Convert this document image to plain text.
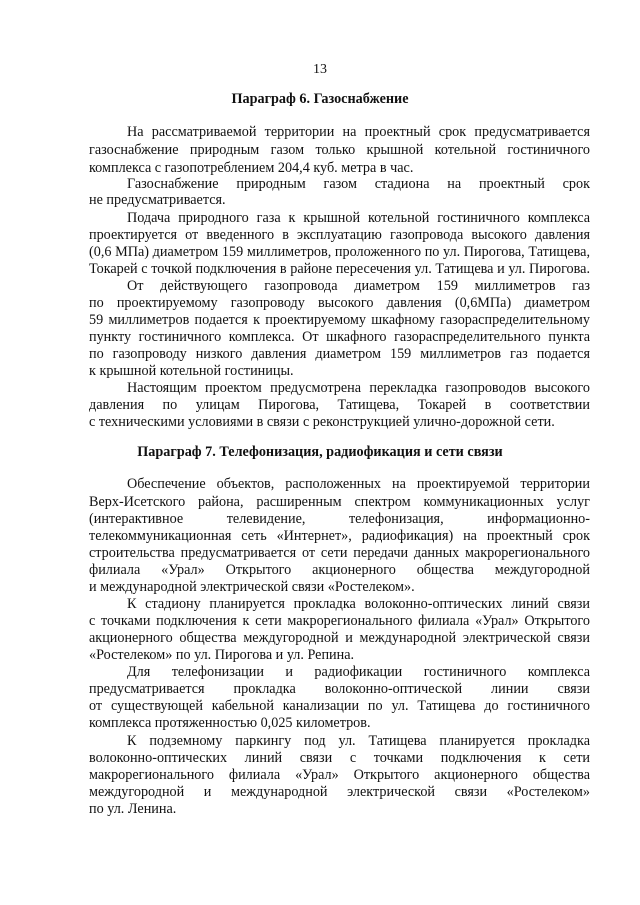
13
Параграф 6. Газоснабжение
На рассматриваемой территории на проектный срок предусматривается
газоснабжение природным газом только крышной котельной гостиничного
комплекса с газопотреблением 204,4 куб. метра в час.
Газоснабжение природным газом стадиона на проектный срок
не предусматривается.
Подача природного газа к крышной котельной гостиничного комплекса
проектируется от введенного в эксплуатацию газопровода высокого давления
(0,6 МПа) диаметром 159 миллиметров, проложенного по ул. Пирогова, Татищева,
Токарей с точкой подключения в районе пересечения ул. Татищева и ул. Пирогова.
От действующего газопровода диаметром 159 миллиметров газ
по проектируемому газопроводу высокого давления (0,6МПа) диаметром
59 миллиметров подается к проектируемому шкафному газораспределительному
пункту гостиничного комплекса. От шкафного газораспределительного пункта
по газопроводу низкого давления диаметром 159 миллиметров газ подается
к крышной котельной гостиницы.
Настоящим проектом предусмотрена перекладка газопроводов высокого
давления по улицам Пирогова, Татищева, Токарей в соответствии
с техническими условиями в связи с реконструкцией улично-дорожной сети.
Параграф 7. Телефонизация, радиофикация и сети связи
Обеспечение объектов, расположенных на проектируемой территории
Верх-Исетского района, расширенным спектром коммуникационных услуг
(интерактивное телевидение, телефонизация, информационно-
телекоммуникационная сеть «Интернет», радиофикация) на проектный срок
строительства предусматривается от сети передачи данных макрорегионального
филиала «Урал» Открытого акционерного общества междугородной
и международной электрической связи «Ростелеком».
К стадиону планируется прокладка волоконно-оптических линий связи
с точками подключения к сети макрорегионального филиала «Урал» Открытого
акционерного общества междугородной и международной электрической связи
«Ростелеком» по ул. Пирогова и ул. Репина.
Для телефонизации и радиофикации гостиничного комплекса
предусматривается прокладка волоконно-оптической линии связи
от существующей кабельной канализации по ул. Татищева до гостиничного
комплекса протяженностью 0,025 километров.
К подземному паркингу под ул. Татищева планируется прокладка
волоконно-оптических линий связи с точками подключения к сети
макрорегионального филиала «Урал» Открытого акционерного общества
междугородной и международной электрической связи «Ростелеком»
по ул. Ленина.
